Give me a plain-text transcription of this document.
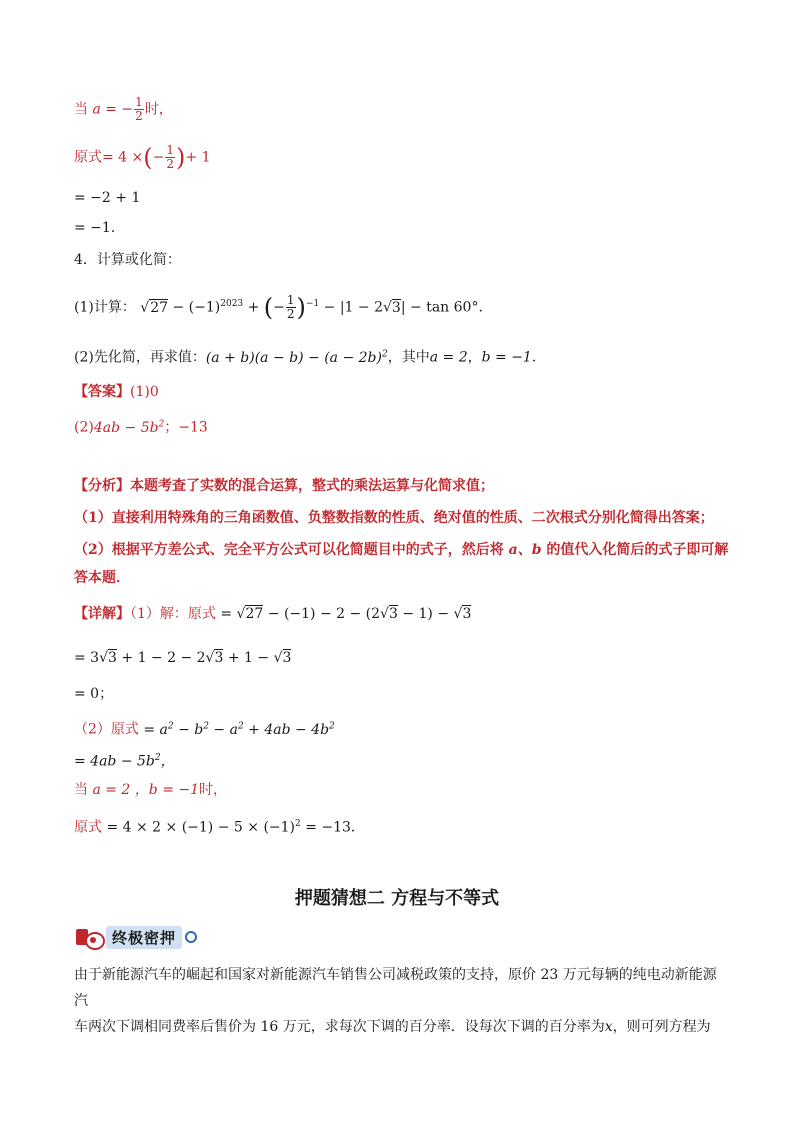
当 a = − $\frac{1}{2}$ 时，
原式= 4 ×(− $\frac{1}{2}$ )+ 1
= −2 + 1
= −1．
4．计算或化简：
(1)计算： $√27 - (-1)^{2023}$ + (− $\frac{1}{2} )^{-1} - |1 - 2√3| - \tan 60^\circ$．
(2)先化简，再求值：$(a + b)(a - b) - (a - 2b)^2$，其中a = 2，b = −1．
【答案】(1)0
$(2)4ab - 5b^2$；−13
【分析】本题考查了实数的混合运算，整式的乘法运算与化简求值；
（1）直接利用特殊角的三角函数值、负整数指数的性质、绝对值的性质、二次根式分别化简得出答案；
（2）根据平方差公式、完全平方公式可以化简题目中的式子，然后将 a、b 的值代入化简后的式子即可解
答本题．
【详解】（1）解：原式 = √27 − (−1) − 2 − (2√3 − 1) − √3
= 3√3 + 1 − 2 − 2√3 + 1 − √3
= 0；
（2）原式 = $a^2 - b^2 - a^2 + 4ab - 4b^2$
= $4ab - 5b^2$，
当 a = 2 ，b = −1时，
原式 = $4 \times 2 \times (-1) - 5 \times (-1)^2 = -13$．
押题猜想二 方程与不等式
终极密押
由于新能源汽车的崛起和国家对新能源汽车销售公司减税政策的支持，原价 23 万元每辆的纯电动新能源汽
车两次下调相同费率后售价为 16 万元，求每次下调的百分率．设每次下调的百分率为x，则可列方程为
